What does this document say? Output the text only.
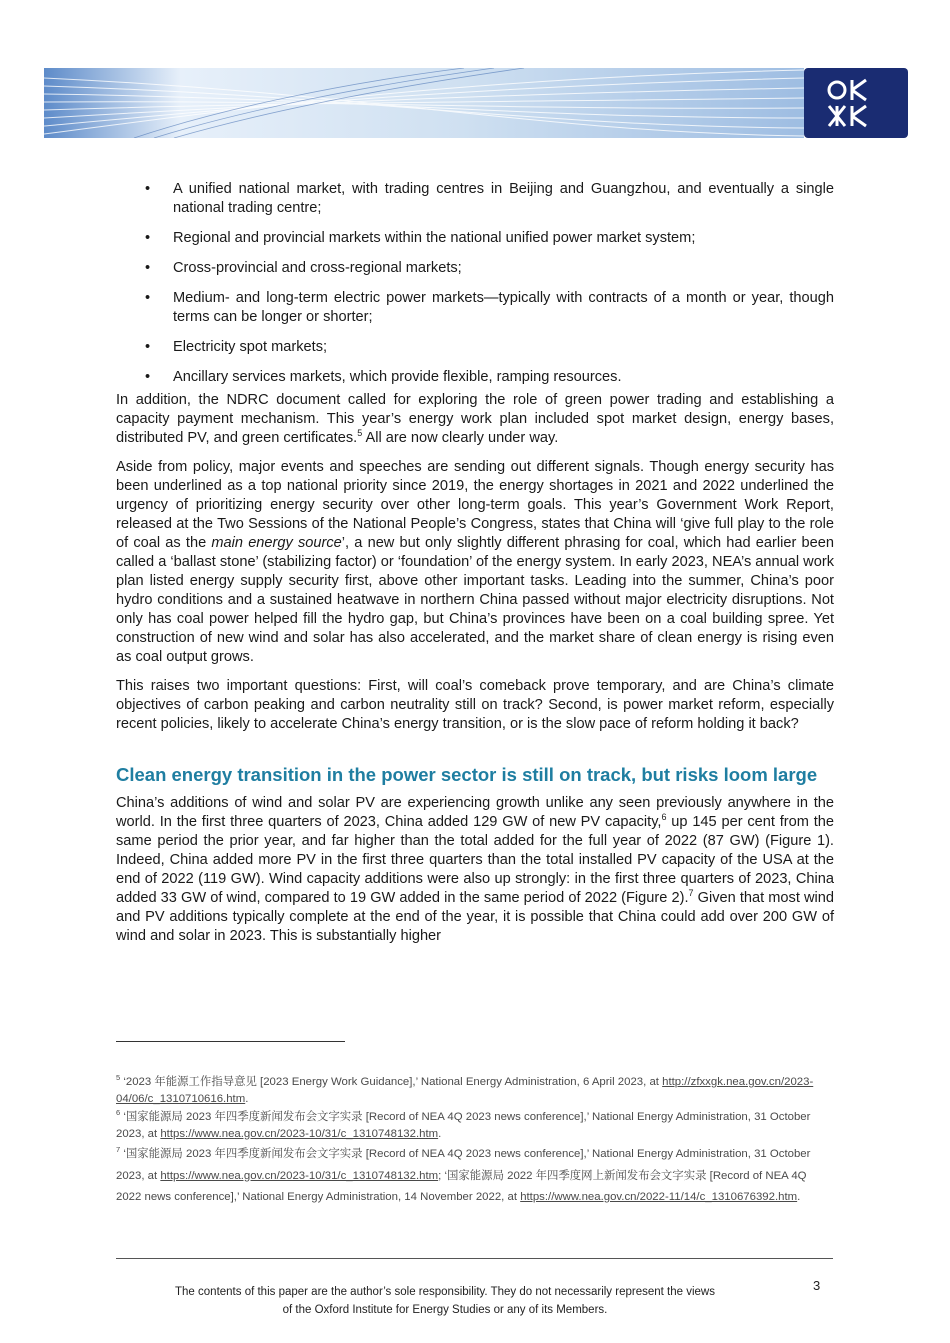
• A unified national market, with trading centres in Beijing and Guangzhou, and eventually a single national trading centre;
• Regional and provincial markets within the national unified power market system;
• Cross-provincial and cross-regional markets;
• Medium- and long-term electric power markets—typically with contracts of a month or year, though terms can be longer or shorter;
• Electricity spot markets;
• Ancillary services markets, which provide flexible, ramping resources.

In addition, the NDRC document called for exploring the role of green power trading and establishing a capacity payment mechanism. This year’s energy work plan included spot market design, energy bases, distributed PV, and green certificates.$^5$ All are now clearly under way.

Aside from policy, major events and speeches are sending out different signals. Though energy security has been underlined as a top national priority since 2019, the energy shortages in 2021 and 2022 underlined the urgency of prioritizing energy security over other long-term goals. This year’s Government Work Report, released at the Two Sessions of the National People’s Congress, states that China will ‘give full play to the role of coal as the main energy source’, a new but only slightly different phrasing for coal, which had earlier been called a ‘ballast stone’ (stabilizing factor) or ‘foundation’ of the energy system. In early 2023, NEA’s annual work plan listed energy supply security first, above other important tasks. Leading into the summer, China’s poor hydro conditions and a sustained heatwave in northern China passed without major electricity disruptions. Not only has coal power helped fill the hydro gap, but China’s provinces have been on a coal building spree. Yet construction of new wind and solar has also accelerated, and the market share of clean energy is rising even as coal output grows.

This raises two important questions: First, will coal’s comeback prove temporary, and are China’s climate objectives of carbon peaking and carbon neutrality still on track? Second, is power market reform, especially recent policies, likely to accelerate China’s energy transition, or is the slow pace of reform holding it back?

Clean energy transition in the power sector is still on track, but risks loom large

China’s additions of wind and solar PV are experiencing growth unlike any seen previously anywhere in the world. In the first three quarters of 2023, China added 129 GW of new PV capacity,$^6$ up 145 per cent from the same period the prior year, and far higher than the total added for the full year of 2022 (87 GW) (Figure 1). Indeed, China added more PV in the first three quarters than the total installed PV capacity of the USA at the end of 2022 (119 GW). Wind capacity additions were also up strongly: in the first three quarters of 2023, China added 33 GW of wind, compared to 19 GW added in the same period of 2022 (Figure 2).$^7$ Given that most wind and PV additions typically complete at the end of the year, it is possible that China could add over 200 GW of wind and solar in 2023. This is substantially higher

$^5$ ‘2023 年能源工作指导意见 [2023 Energy Work Guidance],’ National Energy Administration, 6 April 2023, at http://zfxxgk.nea.gov.cn/2023-04/06/c_1310710616.htm.
$^6$ ‘国家能源局 2023 年四季度新闻发布会文字实录 [Record of NEA 4Q 2023 news conference],’ National Energy Administration, 31 October 2023, at https://www.nea.gov.cn/2023-10/31/c_1310748132.htm.
$^7$ ‘国家能源局 2023 年四季度新闻发布会文字实录 [Record of NEA 4Q 2023 news conference],’ National Energy Administration, 31 October 2023, at https://www.nea.gov.cn/2023-10/31/c_1310748132.htm; ‘国家能源局 2022 年四季度网上新闻发布会文字实录 [Record of NEA 4Q 2022 news conference],’ National Energy Administration, 14 November 2022, at https://www.nea.gov.cn/2022-11/14/c_1310676392.htm.
The contents of this paper are the author’s sole responsibility. They do not necessarily represent the views
of the Oxford Institute for Energy Studies or any of its Members.
3
